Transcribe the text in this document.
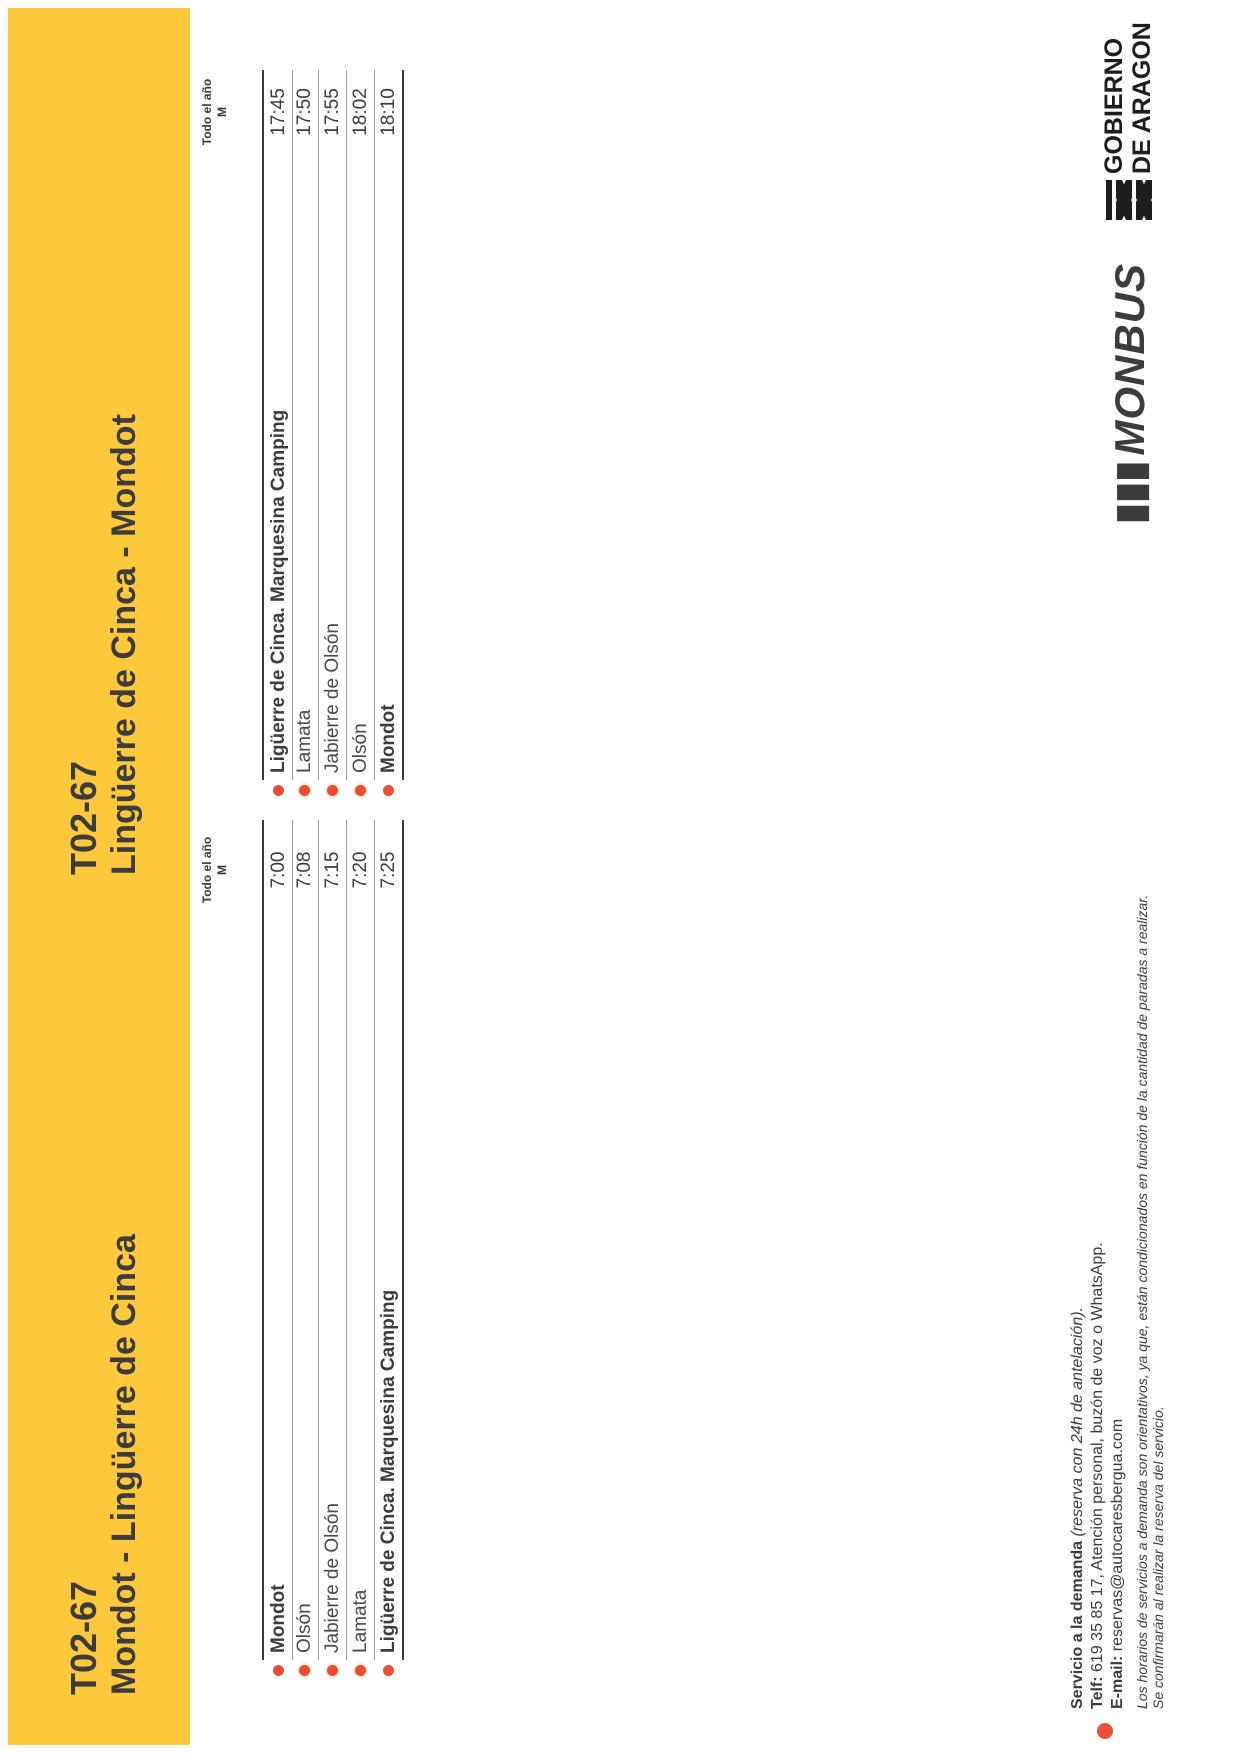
T02-67 Mondot - Lingüerre de Cinca
T02-67 Lingüerre de Cinca - Mondot	Todo el año M
Mondot
7:00
Olsón
7:08
Jabierre de Olsón
7:15
Lamata
7:20
Ligüerre de Cinca. Marquesina Camping
7:25
Todo el año M
Ligüerre de Cinca. Marquesina Camping
17:45
Lamata
17:50
Jabierre de Olsón
17:55
Olsón
18:02
Mondot
18:10

Servicio a la demanda (reserva con 24h de antelación).

Telf: 619 35 85 17, Atención personal, buzón de voz o WhatsApp.

E-mail: reservas@autocaresbergua.com Los horarios de servicios a demanda son orientativos, ya que, están condicionados en función de la cantidad de paradas a realizar. Se confirmarán al realizar la reserva del servicio.

▮▮▮MONBUS
GOBIERNO DE ARAGON
